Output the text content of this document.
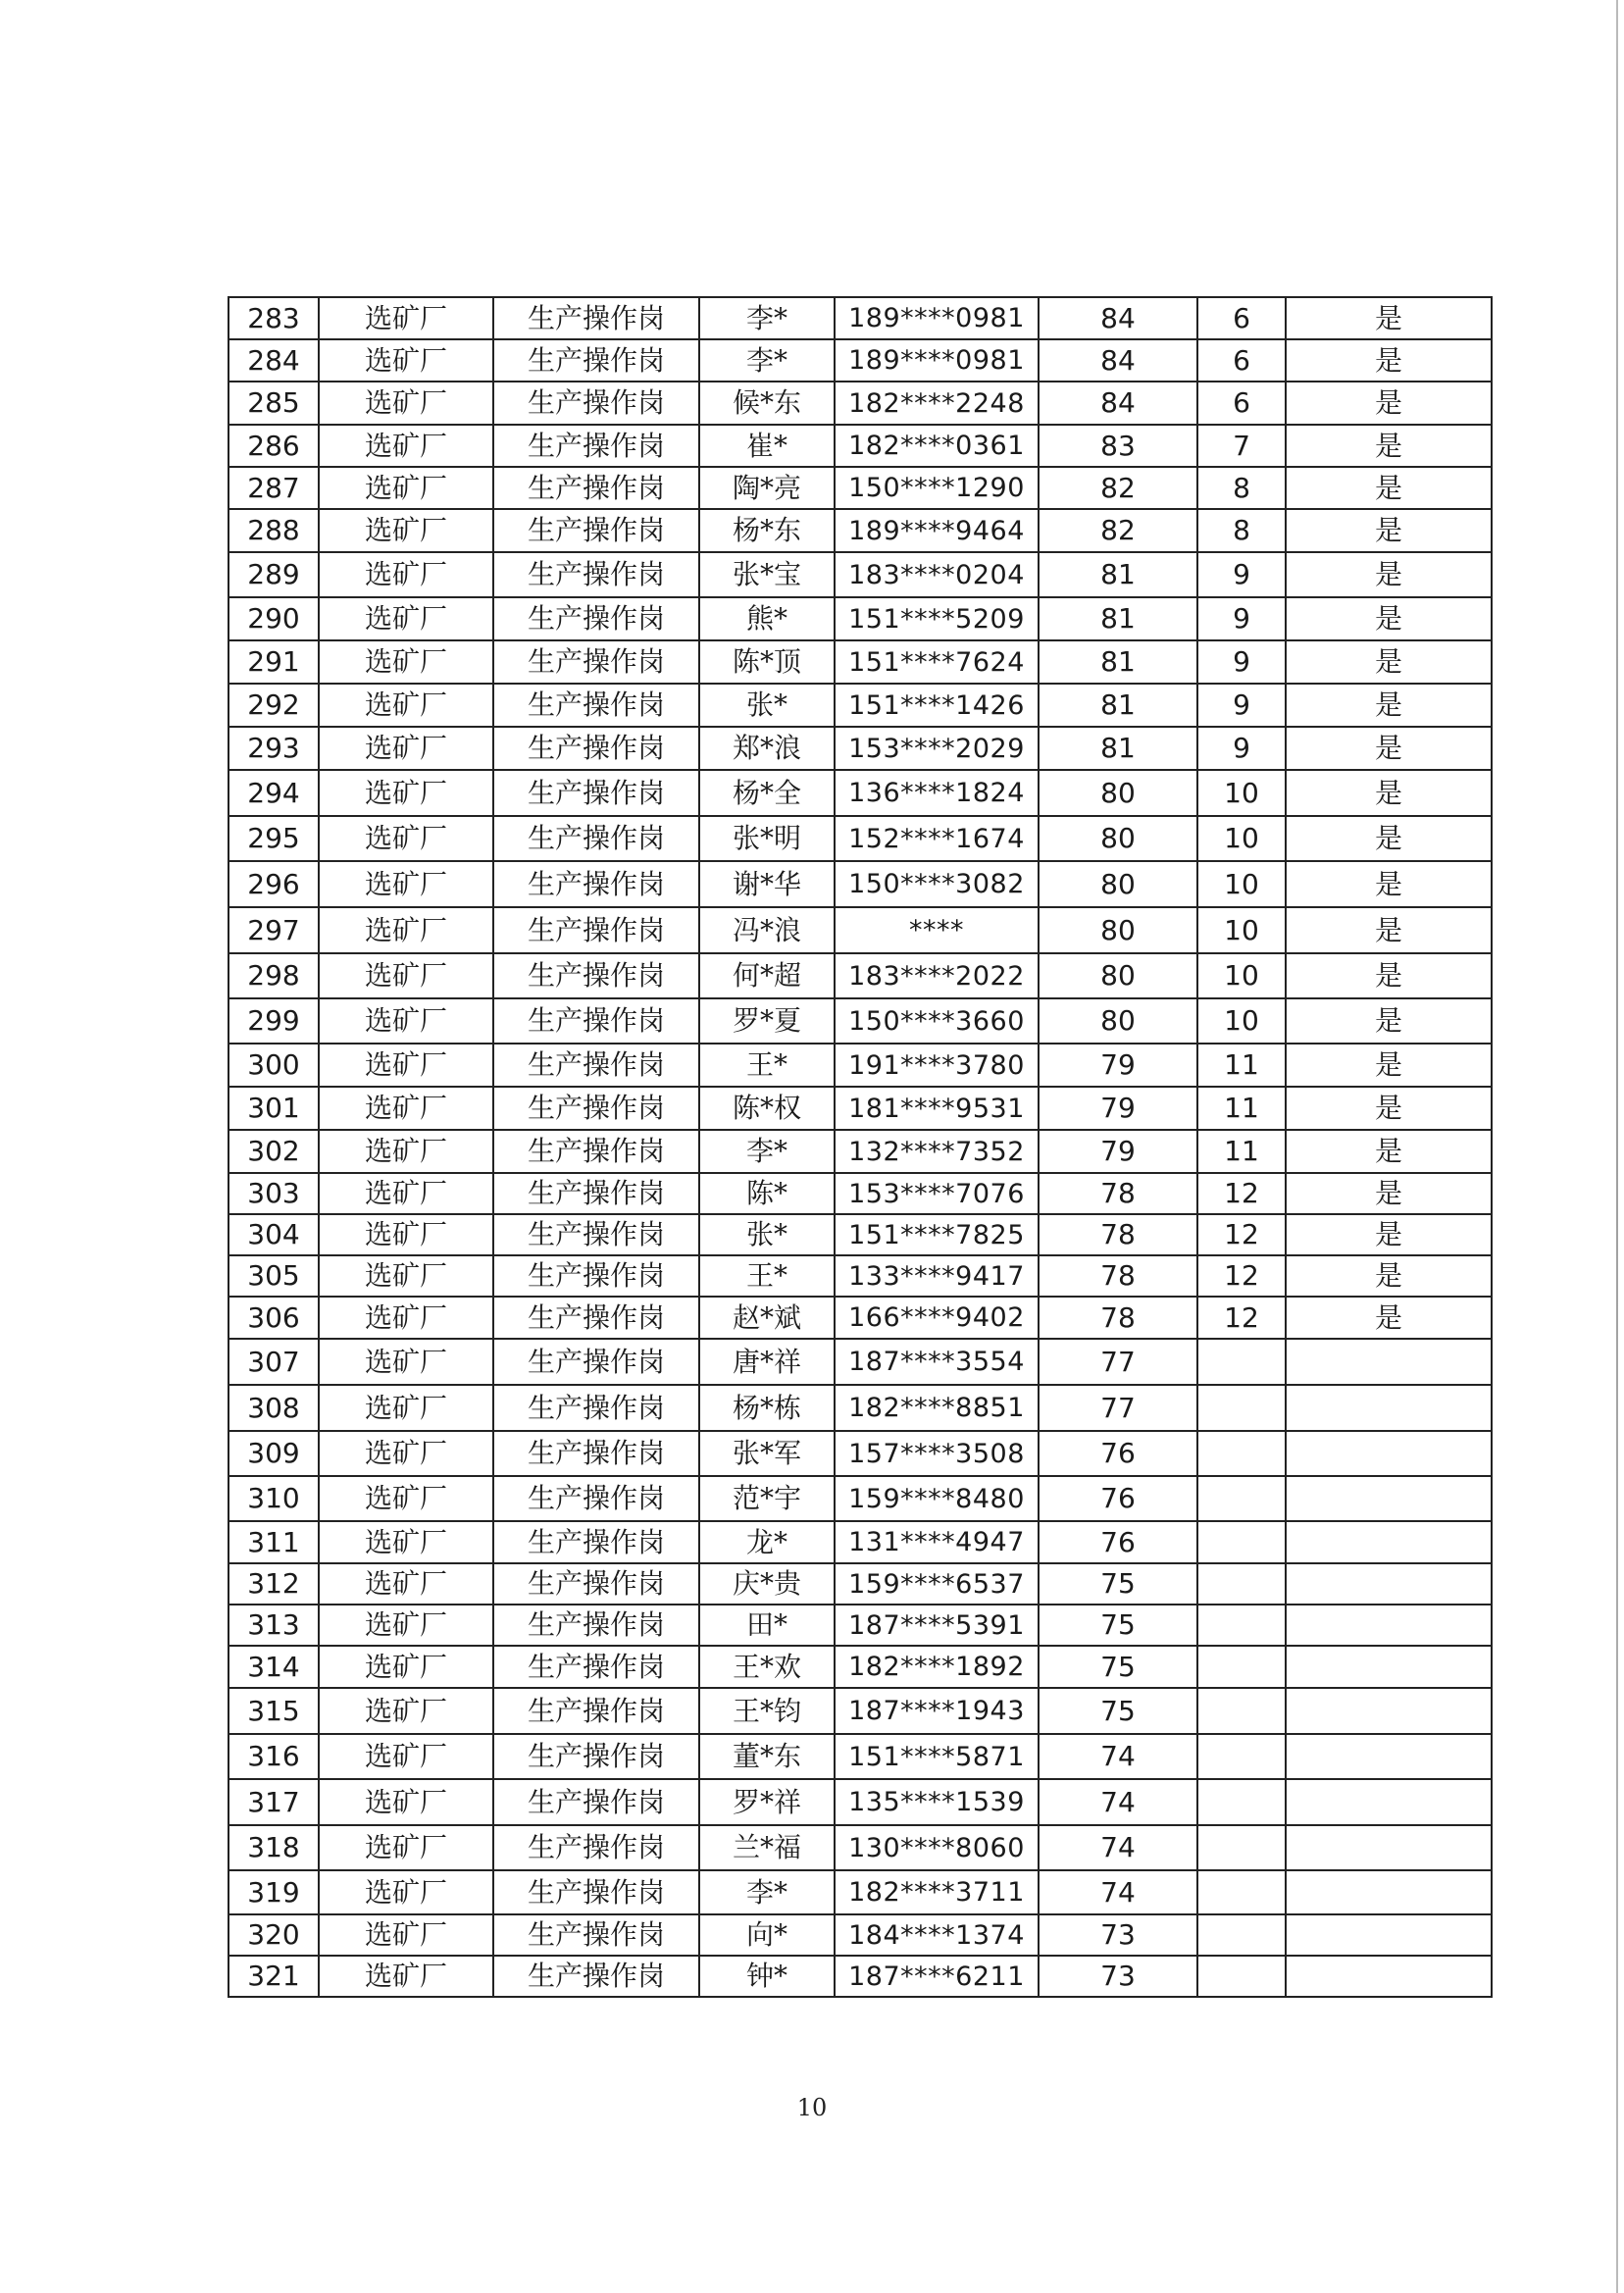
283	选矿厂	生产操作岗	李*	189****0981	84	6	是
284	选矿厂	生产操作岗	李*	189****0981	84	6	是
285	选矿厂	生产操作岗	候*东	182****2248	84	6	是
286	选矿厂	生产操作岗	崔*	182****0361	83	7	是
287	选矿厂	生产操作岗	陶*亮	150****1290	82	8	是
288	选矿厂	生产操作岗	杨*东	189****9464	82	8	是
289	选矿厂	生产操作岗	张*宝	183****0204	81	9	是
290	选矿厂	生产操作岗	熊*	151****5209	81	9	是
291	选矿厂	生产操作岗	陈*顶	151****7624	81	9	是
292	选矿厂	生产操作岗	张*	151****1426	81	9	是
293	选矿厂	生产操作岗	郑*浪	153****2029	81	9	是
294	选矿厂	生产操作岗	杨*全	136****1824	80	10	是
295	选矿厂	生产操作岗	张*明	152****1674	80	10	是
296	选矿厂	生产操作岗	谢*华	150****3082	80	10	是
297	选矿厂	生产操作岗	冯*浪	****	80	10	是
298	选矿厂	生产操作岗	何*超	183****2022	80	10	是
299	选矿厂	生产操作岗	罗*夏	150****3660	80	10	是
300	选矿厂	生产操作岗	王*	191****3780	79	11	是
301	选矿厂	生产操作岗	陈*权	181****9531	79	11	是
302	选矿厂	生产操作岗	李*	132****7352	79	11	是
303	选矿厂	生产操作岗	陈*	153****7076	78	12	是
304	选矿厂	生产操作岗	张*	151****7825	78	12	是
305	选矿厂	生产操作岗	王*	133****9417	78	12	是
306	选矿厂	生产操作岗	赵*斌	166****9402	78	12	是
307	选矿厂	生产操作岗	唐*祥	187****3554	77		
308	选矿厂	生产操作岗	杨*栋	182****8851	77		
309	选矿厂	生产操作岗	张*军	157****3508	76		
310	选矿厂	生产操作岗	范*宇	159****8480	76		
311	选矿厂	生产操作岗	龙*	131****4947	76		
312	选矿厂	生产操作岗	庆*贵	159****6537	75		
313	选矿厂	生产操作岗	田*	187****5391	75		
314	选矿厂	生产操作岗	王*欢	182****1892	75		
315	选矿厂	生产操作岗	王*钧	187****1943	75		
316	选矿厂	生产操作岗	董*东	151****5871	74		
317	选矿厂	生产操作岗	罗*祥	135****1539	74		
318	选矿厂	生产操作岗	兰*福	130****8060	74		
319	选矿厂	生产操作岗	李*	182****3711	74		
320	选矿厂	生产操作岗	向*	184****1374	73		
321	选矿厂	生产操作岗	钟*	187****6211	73		
10
